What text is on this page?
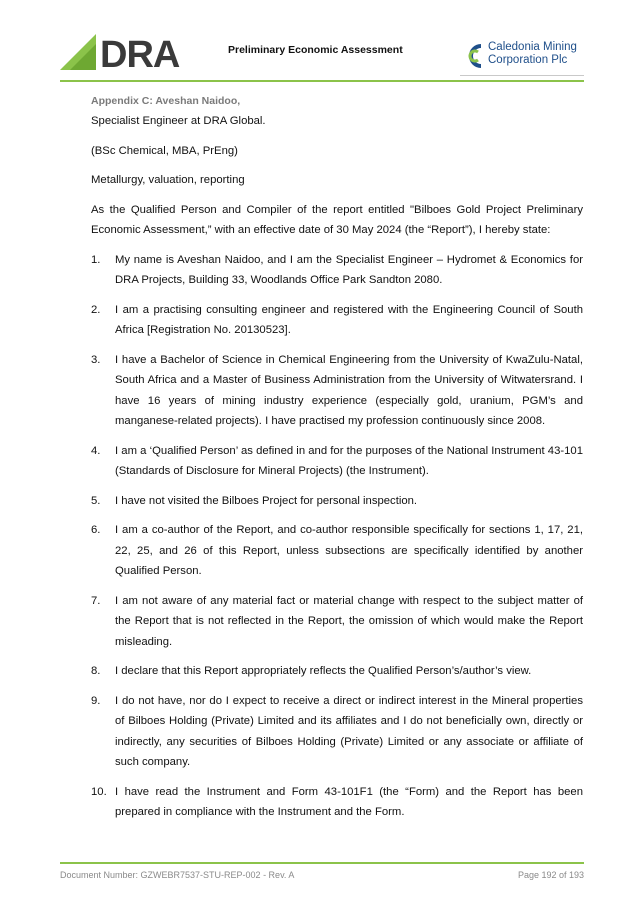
DRA	Preliminary Economic Assessment	Caledonia Mining
Corporation Plc
Appendix C: Aveshan Naidoo,

Specialist Engineer at DRA Global.

(BSc Chemical, MBA, PrEng)

Metallurgy, valuation, reporting

As the Qualified Person and Compiler of the report entitled "Bilboes Gold Project Preliminary Economic Assessment,” with an effective date of 30 May 2024 (the “Report”), I hereby state:

1. My name is Aveshan Naidoo, and I am the Specialist Engineer – Hydromet & Economics for DRA Projects, Building 33, Woodlands Office Park Sandton 2080.
2. I am a practising consulting engineer and registered with the Engineering Council of South Africa [Registration No. 20130523].
3. I have a Bachelor of Science in Chemical Engineering from the University of KwaZulu-Natal, South Africa and a Master of Business Administration from the University of Witwatersrand. I have 16 years of mining industry experience (especially gold, uranium, PGM’s and manganese-related projects). I have practised my profession continuously since 2008.
4. I am a ‘Qualified Person’ as defined in and for the purposes of the National Instrument 43-101 (Standards of Disclosure for Mineral Projects) (the Instrument).
5. I have not visited the Bilboes Project for personal inspection.
6. I am a co-author of the Report, and co-author responsible specifically for sections 1, 17, 21, 22, 25, and 26 of this Report, unless subsections are specifically identified by another Qualified Person.
7. I am not aware of any material fact or material change with respect to the subject matter of the Report that is not reflected in the Report, the omission of which would make the Report misleading.
8. I declare that this Report appropriately reflects the Qualified Person’s/author’s view.
9. I do not have, nor do I expect to receive a direct or indirect interest in the Mineral properties of Bilboes Holding (Private) Limited and its affiliates and I do not beneficially own, directly or indirectly, any securities of Bilboes Holding (Private) Limited or any associate or affiliate of such company.
10. I have read the Instrument and Form 43-101F1 (the “Form) and the Report has been prepared in compliance with the Instrument and the Form.
Document Number: GZWEBR7537-STU-REP-002 - Rev. A	Page 192 of 193
